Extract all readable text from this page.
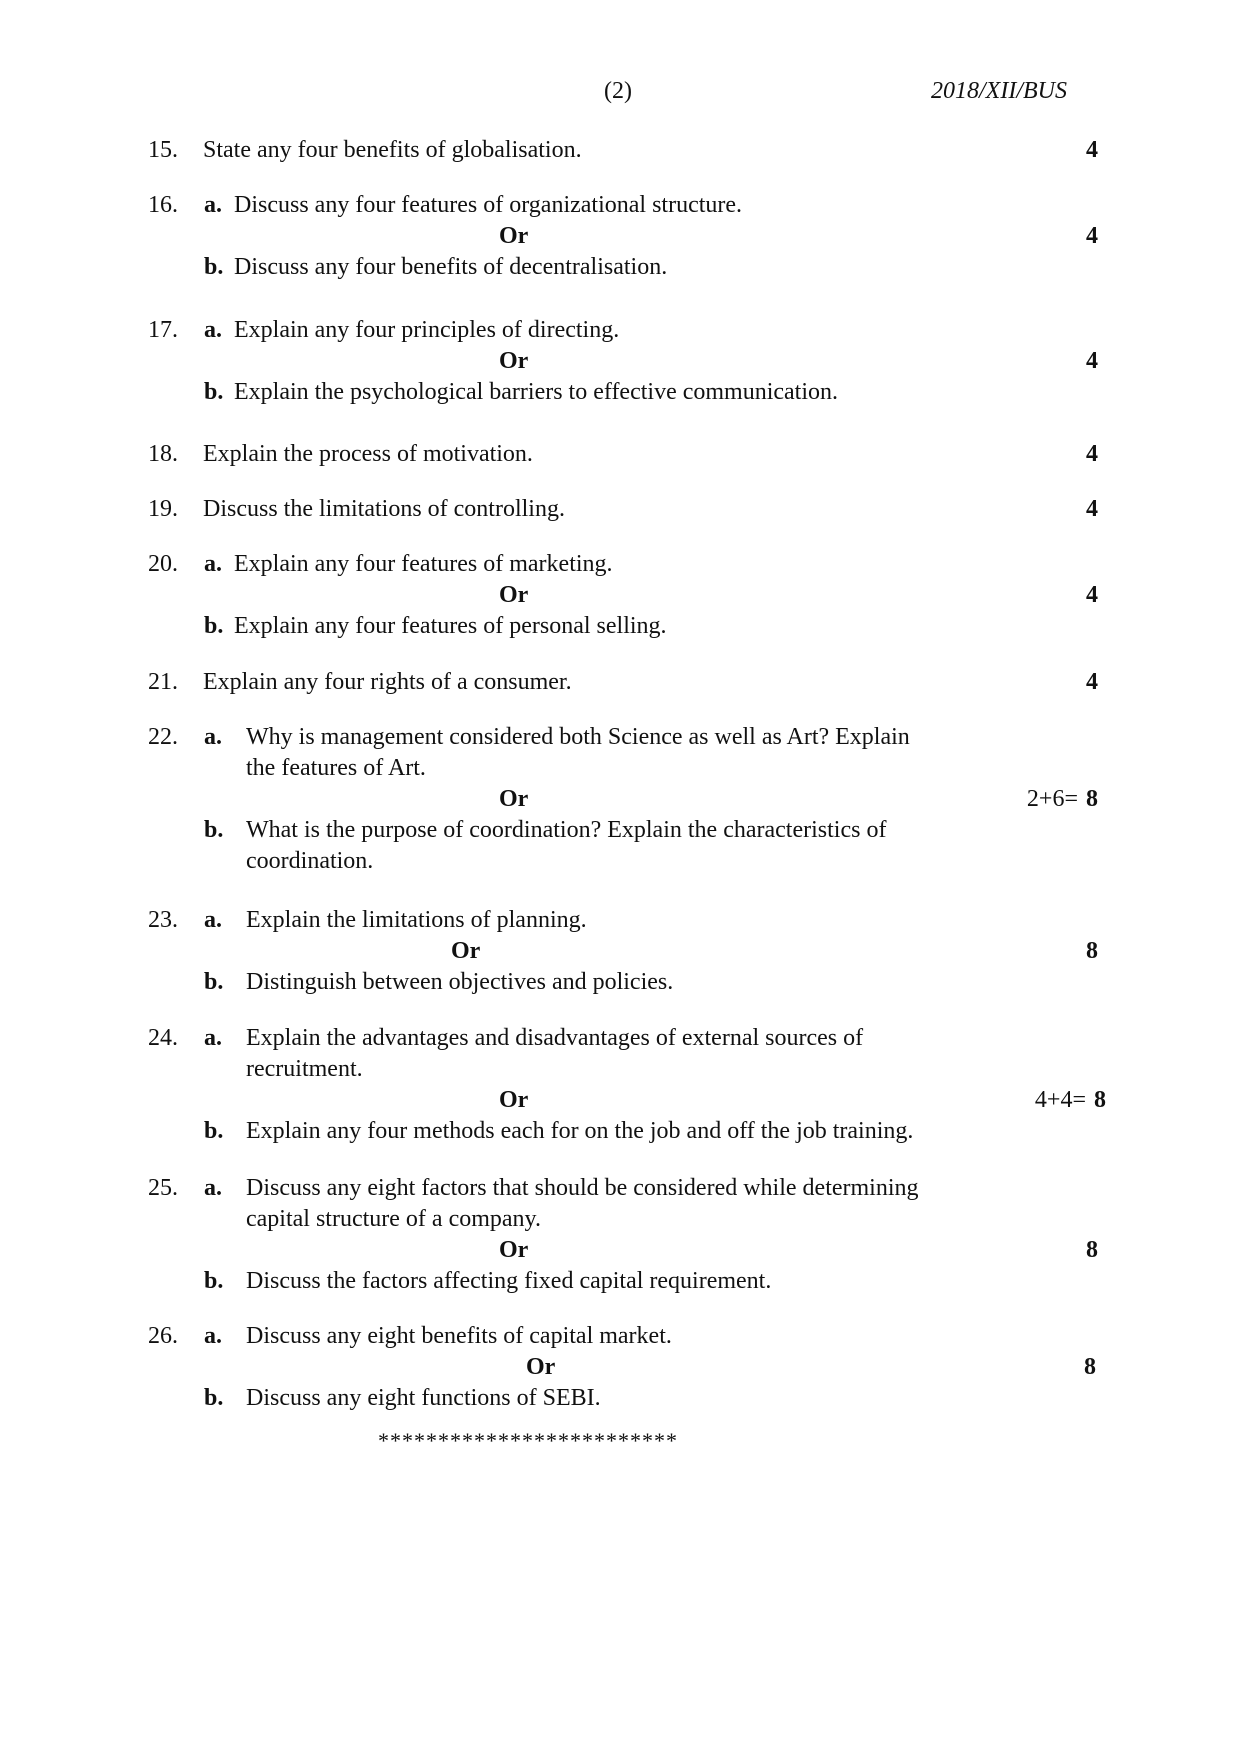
(2)	2018/XII/BUS
15. State any four benefits of globalisation.	4
16. a. Discuss any four features of organizational structure.
Or	4
b. Discuss any four benefits of decentralisation.
17. a. Explain any four principles of directing.
Or	4
b. Explain the psychological barriers to effective communication.
18. Explain the process of motivation.	4
19. Discuss the limitations of controlling.	4
20. a. Explain any four features of marketing.
Or	4
b. Explain any four features of personal selling.
21. Explain any four rights of a consumer.	4
22. a. Why is management considered both Science as well as Art? Explain
the features of Art.
Or	2+6= 8
b. What is the purpose of coordination? Explain the characteristics of
coordination.
23. a. Explain the limitations of planning.
Or	8
b. Distinguish between objectives and policies.
24. a. Explain the advantages and disadvantages of external sources of
recruitment.
Or	4+4= 8
b. Explain any four methods each for on the job and off the job training.
25. a. Discuss any eight factors that should be considered while determining
capital structure of a company.
Or	8
b. Discuss the factors affecting fixed capital requirement.
26. a. Discuss any eight benefits of capital market.
Or	8
b. Discuss any eight functions of SEBI.
*************************
